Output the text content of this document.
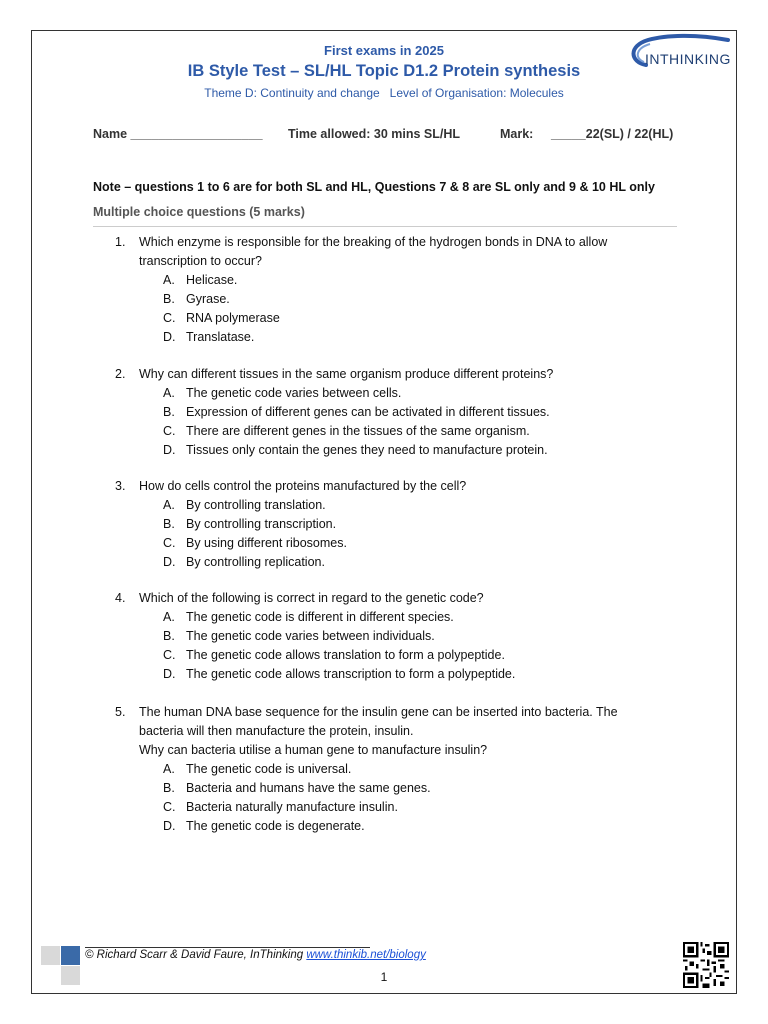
First exams in 2025
IB Style Test – SL/HL Topic D1.2 Protein synthesis
Theme D: Continuity and change   Level of Organisation: Molecules
INTHINKING
Name ___________________ Time allowed: 30 mins SL/HL	Mark: _____22(SL) / 22(HL)
Note – questions 1 to 6 are for both SL and HL, Questions 7 & 8 are SL only and 9 & 10 HL only
Multiple choice questions (5 marks)
1. Which enzyme is responsible for the breaking of the hydrogen bonds in DNA to allow
transcription to occur?
A. Helicase.
B. Gyrase.
C. RNA polymerase
D. Translatase.
2. Why can different tissues in the same organism produce different proteins?
A. The genetic code varies between cells.
B. Expression of different genes can be activated in different tissues.
C. There are different genes in the tissues of the same organism.
D. Tissues only contain the genes they need to manufacture protein.
3. How do cells control the proteins manufactured by the cell?
A. By controlling translation.
B. By controlling transcription.
C. By using different ribosomes.
D. By controlling replication.
4. Which of the following is correct in regard to the genetic code?
A. The genetic code is different in different species.
B. The genetic code varies between individuals.
C. The genetic code allows translation to form a polypeptide.
D. The genetic code allows transcription to form a polypeptide.
5. The human DNA base sequence for the insulin gene can be inserted into bacteria. The
bacteria will then manufacture the protein, insulin.
Why can bacteria utilise a human gene to manufacture insulin?
A. The genetic code is universal.
B. Bacteria and humans have the same genes.
C. Bacteria naturally manufacture insulin.
D. The genetic code is degenerate.
© Richard Scarr & David Faure, InThinking www.thinkib.net/biology
1
